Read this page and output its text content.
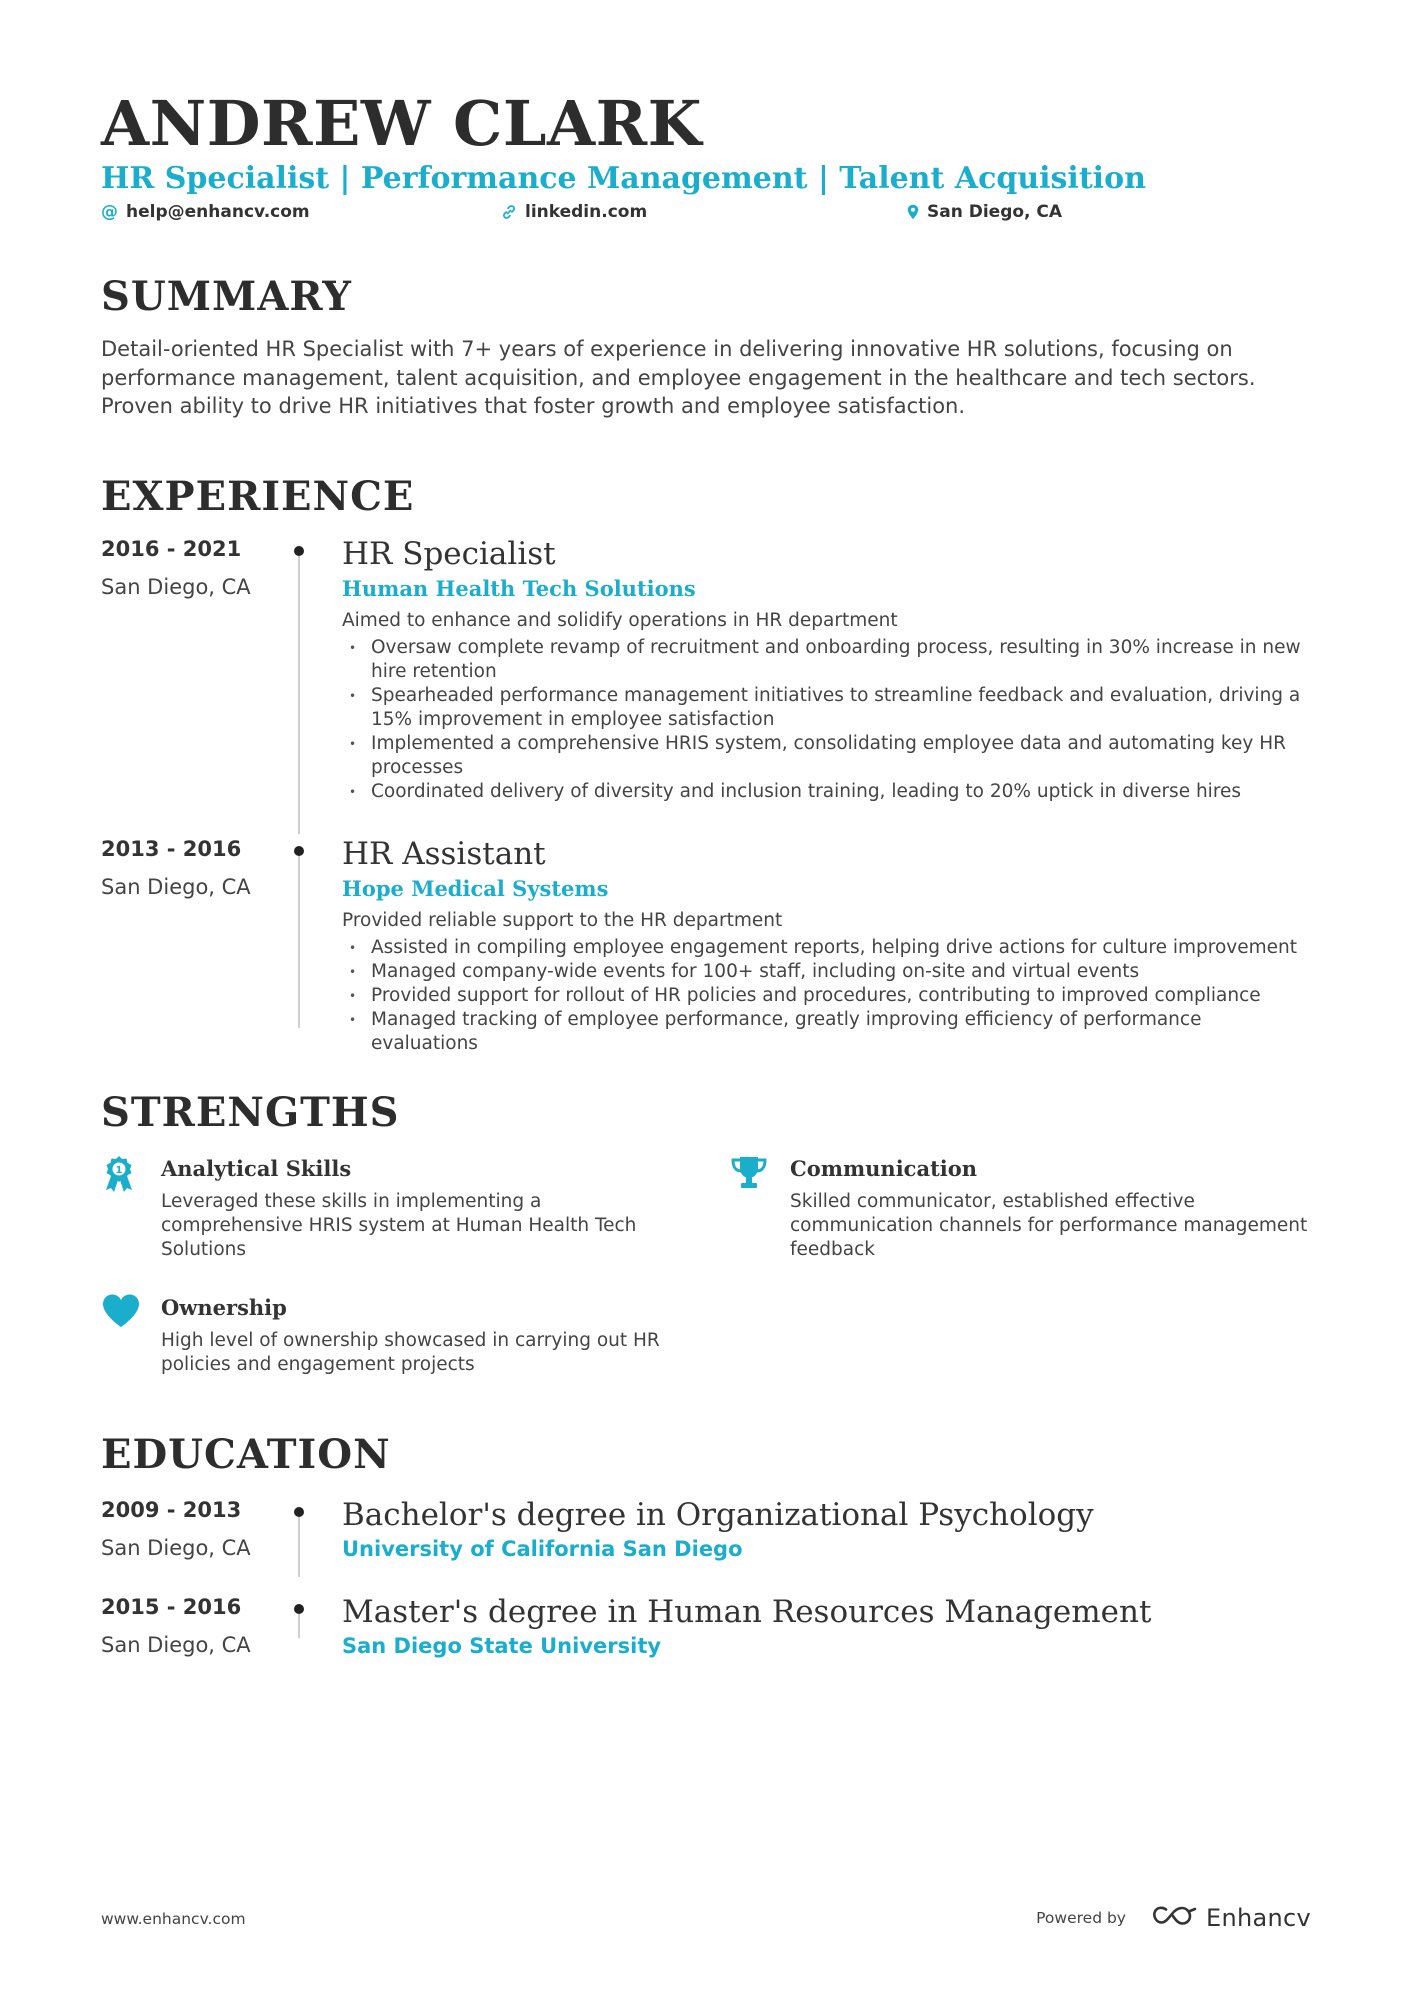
ANDREW CLARK
HR Specialist | Performance Management | Talent Acquisition
@ help@enhancv.com	linkedin.com	San Diego, CA
SUMMARY

Detail-oriented HR Specialist with 7+ years of experience in delivering innovative HR solutions, focusing on performance management, talent acquisition, and employee engagement in the healthcare and tech sectors. Proven ability to drive HR initiatives that foster growth and employee satisfaction.

EXPERIENCE
2016 - 2021
San Diego, CA
HR Specialist
Human Health Tech Solutions
Aimed to enhance and solidify operations in HR department
• Oversaw complete revamp of recruitment and onboarding process, resulting in 30% increase in new hire retention
• Spearheaded performance management initiatives to streamline feedback and evaluation, driving a 15% improvement in employee satisfaction
• Implemented a comprehensive HRIS system, consolidating employee data and automating key HR processes
• Coordinated delivery of diversity and inclusion training, leading to 20% uptick in diverse hires
2013 - 2016
San Diego, CA
HR Assistant
Hope Medical Systems
Provided reliable support to the HR department
• Assisted in compiling employee engagement reports, helping drive actions for culture improvement
• Managed company-wide events for 100+ staff, including on-site and virtual events
• Provided support for rollout of HR policies and procedures, contributing to improved compliance
• Managed tracking of employee performance, greatly improving efficiency of performance evaluations
STRENGTHS
1 Analytical Skills

Leveraged these skills in implementing a comprehensive HRIS system at Human Health Tech Solutions

Communication

Skilled communicator, established effective communication channels for performance management feedback

Ownership

High level of ownership showcased in carrying out HR policies and engagement projects

EDUCATION
2009 - 2013
San Diego, CA
Bachelor's degree in Organizational Psychology
University of California San Diego
2015 - 2016
San Diego, CA
Master's degree in Human Resources Management
San Diego State University
www.enhancv.com	Powered by	Enhancv
